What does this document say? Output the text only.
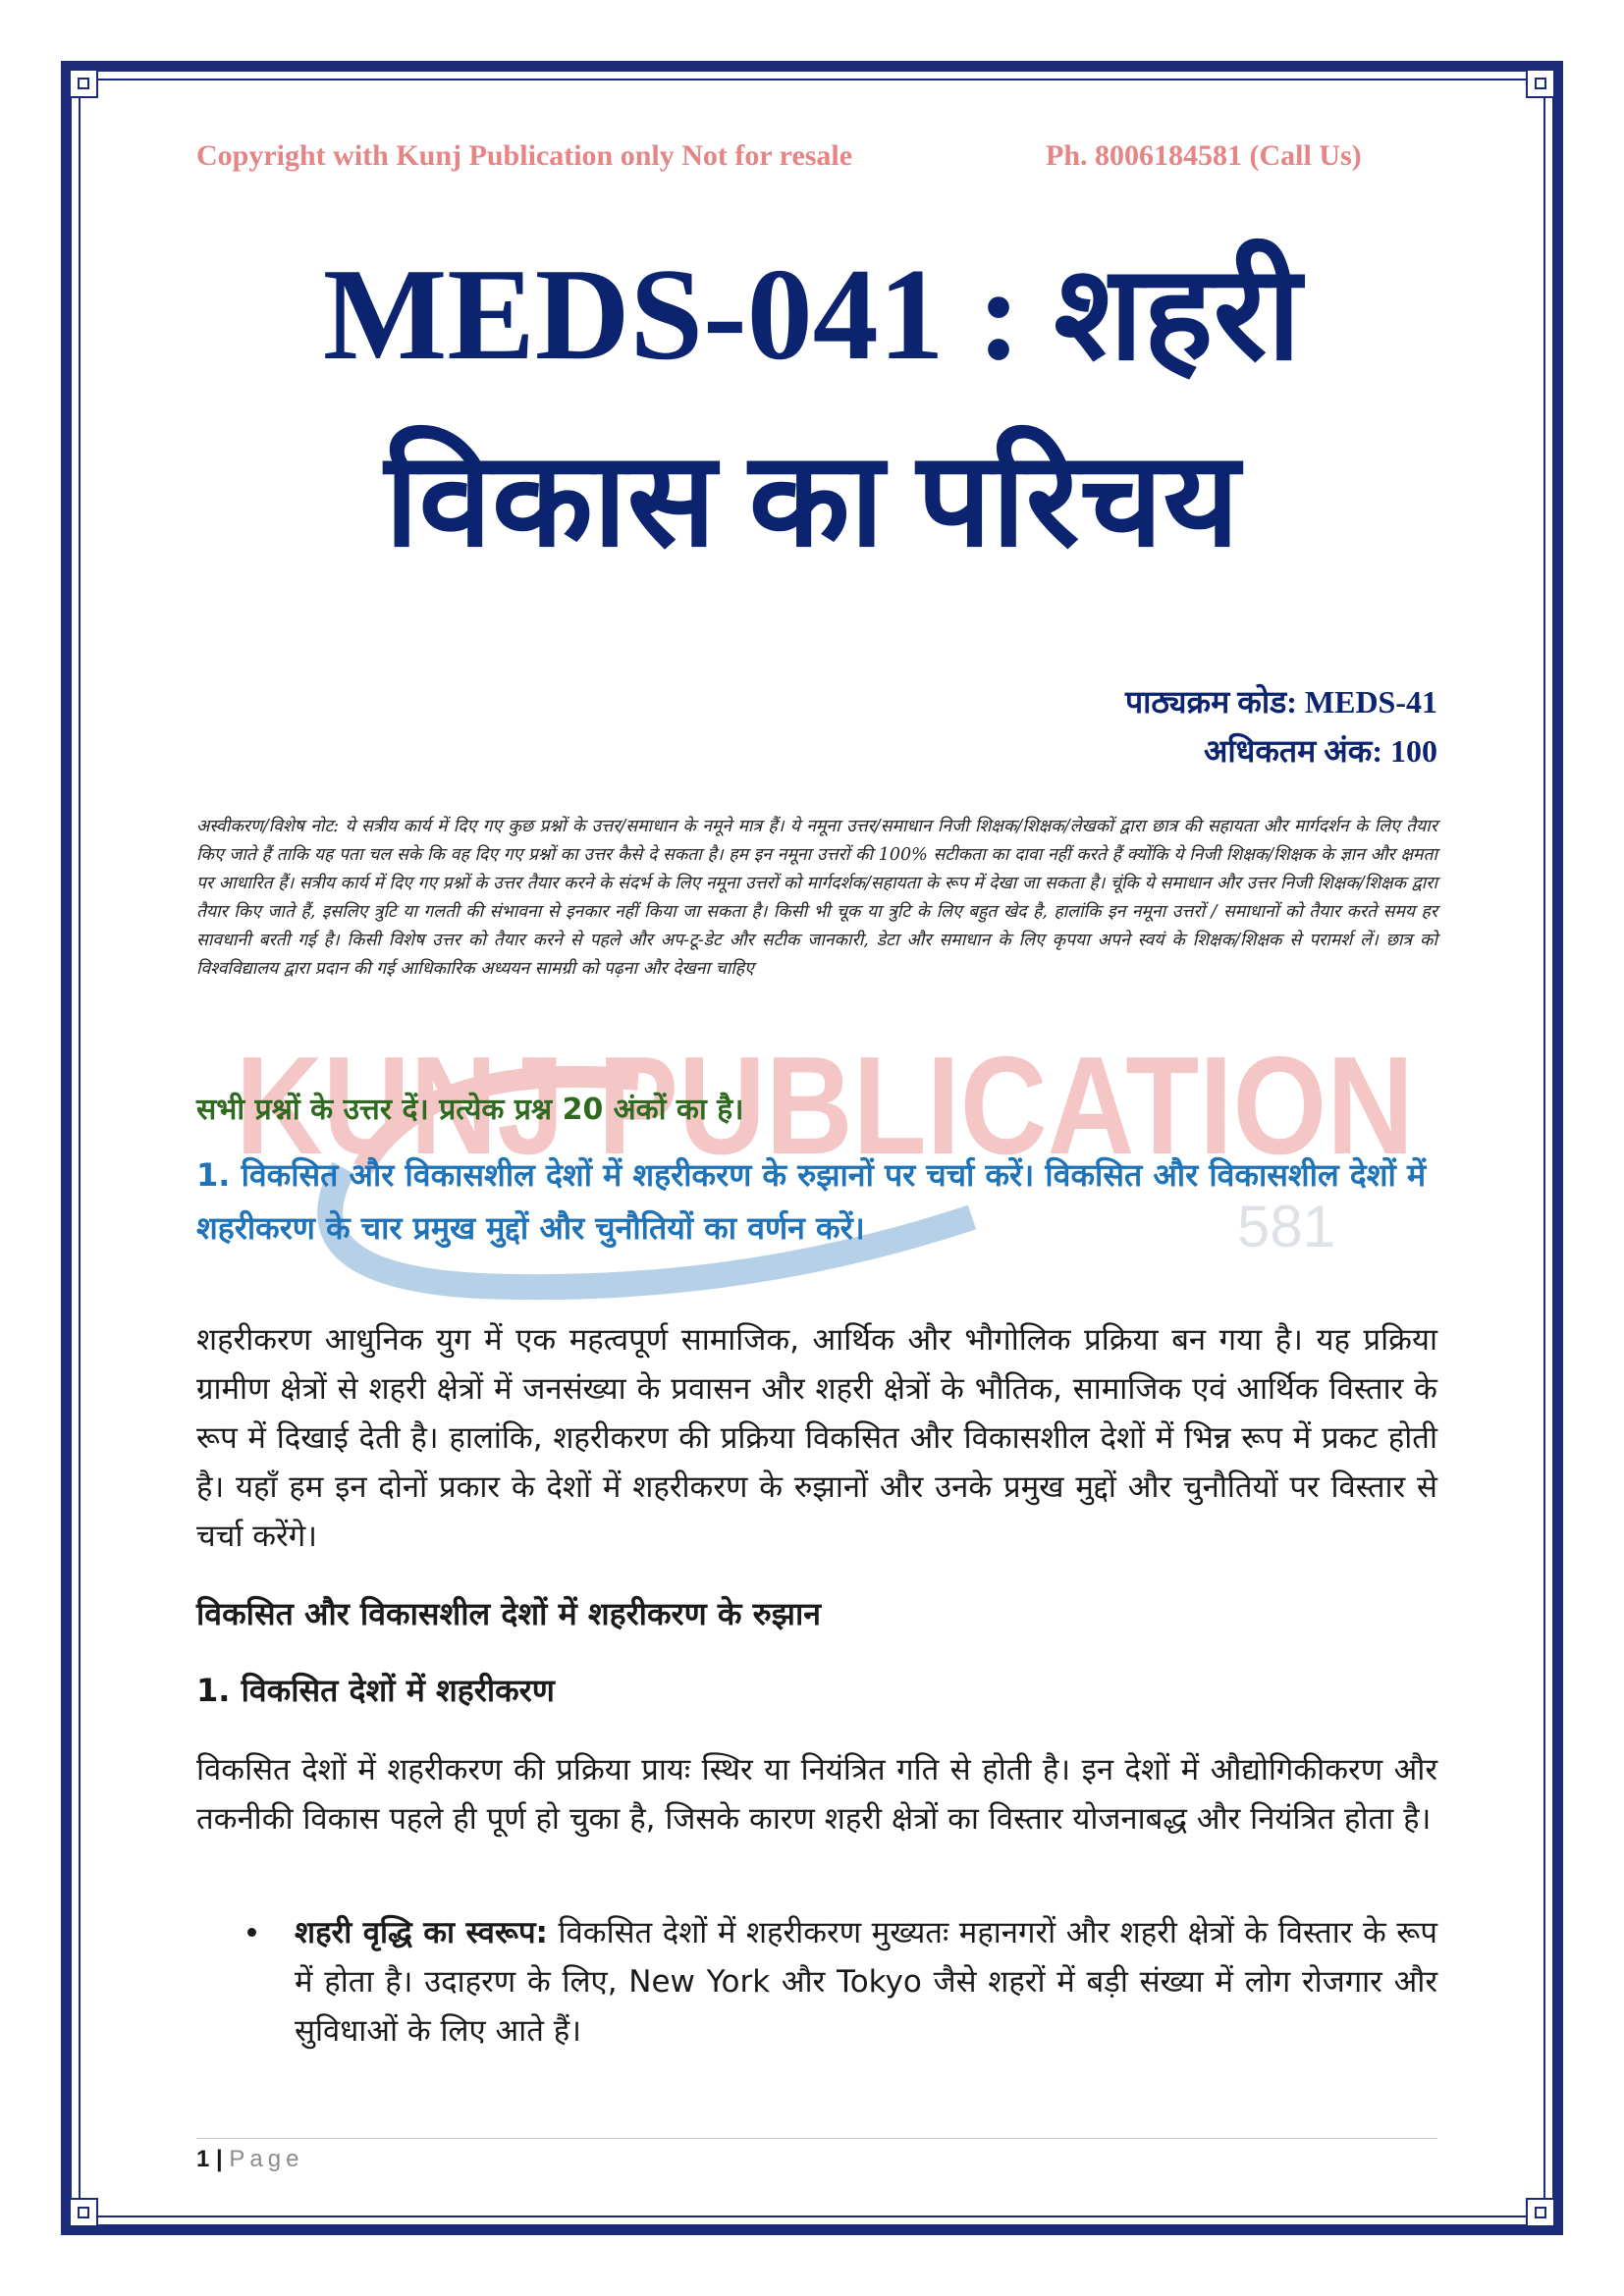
KUNJ PUBLICATION
581
Copyright with Kunj Publication only Not for resale	Ph. 8006184581 (Call Us)
MEDS-041 : शहरी
विकास का परिचय
पाठ्यक्रम कोड: MEDS-41
अधिकतम अंक: 100
अस्वीकरण/विशेष नोट: ये सत्रीय कार्य में दिए गए कुछ प्रश्नों के उत्तर/समाधान के नमूने मात्र हैं। ये नमूना उत्तर/समाधान निजी शिक्षक/शिक्षक/लेखकों द्वारा छात्र की सहायता और मार्गदर्शन के लिए तैयार किए जाते हैं ताकि यह पता चल सके कि वह दिए गए प्रश्नों का उत्तर कैसे दे सकता है। हम इन नमूना उत्तरों की 100% सटीकता का दावा नहीं करते हैं क्योंकि ये निजी शिक्षक/शिक्षक के ज्ञान और क्षमता पर आधारित हैं। सत्रीय कार्य में दिए गए प्रश्नों के उत्तर तैयार करने के संदर्भ के लिए नमूना उत्तरों को मार्गदर्शक/सहायता के रूप में देखा जा सकता है। चूंकि ये समाधान और उत्तर निजी शिक्षक/शिक्षक द्वारा तैयार किए जाते हैं, इसलिए त्रुटि या गलती की संभावना से इनकार नहीं किया जा सकता है। किसी भी चूक या त्रुटि के लिए बहुत खेद है, हालांकि इन नमूना उत्तरों / समाधानों को तैयार करते समय हर सावधानी बरती गई है। किसी विशेष उत्तर को तैयार करने से पहले और अप-टू-डेट और सटीक जानकारी, डेटा और समाधान के लिए कृपया अपने स्वयं के शिक्षक/शिक्षक से परामर्श लें। छात्र को विश्वविद्यालय द्वारा प्रदान की गई आधिकारिक अध्ययन सामग्री को पढ़ना और देखना चाहिए
सभी प्रश्नों के उत्तर दें। प्रत्येक प्रश्न 20 अंकों का है।
1. विकसित और विकासशील देशों में शहरीकरण के रुझानों पर चर्चा करें। विकसित और विकासशील देशों में शहरीकरण के चार प्रमुख मुद्दों और चुनौतियों का वर्णन करें।
शहरीकरण आधुनिक युग में एक महत्वपूर्ण सामाजिक, आर्थिक और भौगोलिक प्रक्रिया बन गया है। यह प्रक्रिया ग्रामीण क्षेत्रों से शहरी क्षेत्रों में जनसंख्या के प्रवासन और शहरी क्षेत्रों के भौतिक, सामाजिक एवं आर्थिक विस्तार के रूप में दिखाई देती है। हालांकि, शहरीकरण की प्रक्रिया विकसित और विकासशील देशों में भिन्न रूप में प्रकट होती है। यहाँ हम इन दोनों प्रकार के देशों में शहरीकरण के रुझानों और उनके प्रमुख मुद्दों और चुनौतियों पर विस्तार से चर्चा करेंगे।
विकसित और विकासशील देशों में शहरीकरण के रुझान
1. विकसित देशों में शहरीकरण
विकसित देशों में शहरीकरण की प्रक्रिया प्रायः स्थिर या नियंत्रित गति से होती है। इन देशों में औद्योगिकीकरण और तकनीकी विकास पहले ही पूर्ण हो चुका है, जिसके कारण शहरी क्षेत्रों का विस्तार योजनाबद्ध और नियंत्रित होता है।
शहरी वृद्धि का स्वरूप: विकसित देशों में शहरीकरण मुख्यतः महानगरों और शहरी क्षेत्रों के विस्तार के रूप में होता है। उदाहरण के लिए, New York और Tokyo जैसे शहरों में बड़ी संख्या में लोग रोजगार और सुविधाओं के लिए आते हैं।
1 | Page
